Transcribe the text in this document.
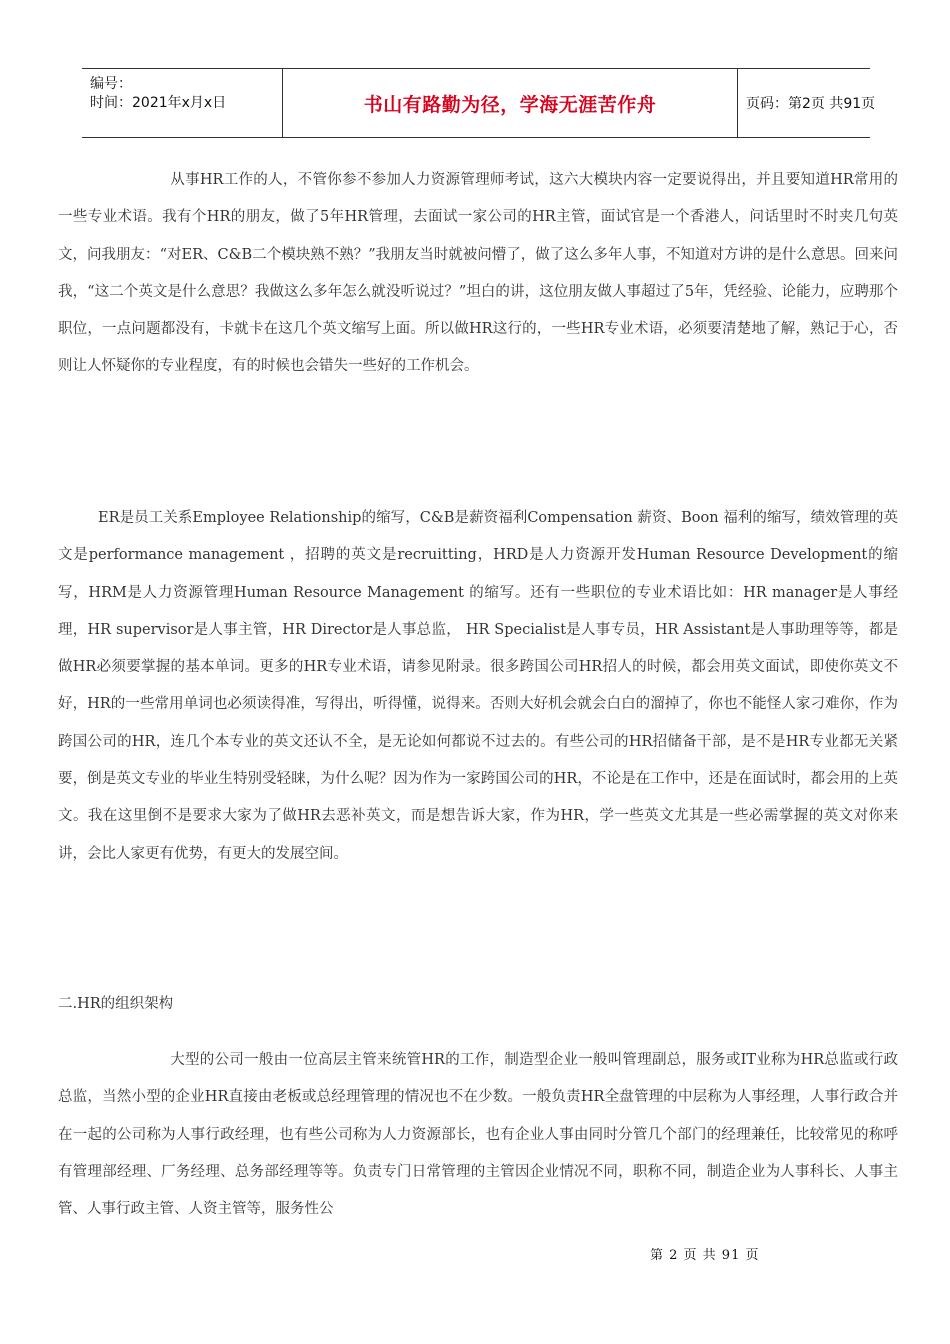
编号：
时间：2021年x月x日	书山有路勤为径，学海无涯苦作舟	页码：第2页 共91页
从事HR工作的人，不管你参不参加人力资源管理师考试，这六大模块内容一定要说得出，并且要知道HR常用的一些专业术语。我有个HR的朋友，做了5年HR管理，去面试一家公司的HR主管，面试官是一个香港人，问话里时不时夹几句英文，问我朋友：“对ER、C&B二个模块熟不熟？”我朋友当时就被问懵了，做了这么多年人事，不知道对方讲的是什么意思。回来问我，“这二个英文是什么意思？我做这么多年怎么就没听说过？”坦白的讲，这位朋友做人事超过了5年，凭经验、论能力，应聘那个职位，一点问题都没有，卡就卡在这几个英文缩写上面。所以做HR这行的，一些HR专业术语，必须要清楚地了解，熟记于心，否则让人怀疑你的专业程度，有的时候也会错失一些好的工作机会。
ER是员工关系Employee Relationship的缩写，C&B是薪资福利Compensation 薪资、Boon 福利的缩写，绩效管理的英文是performance management ，招聘的英文是recruitting，HRD是人力资源开发Human Resource Development的缩写，HRM是人力资源管理Human Resource Management 的缩写。还有一些职位的专业术语比如：HR manager是人事经理，HR supervisor是人事主管，HR Director是人事总监， HR Specialist是人事专员，HR Assistant是人事助理等等，都是做HR必须要掌握的基本单词。更多的HR专业术语，请参见附录。很多跨国公司HR招人的时候，都会用英文面试，即使你英文不好，HR的一些常用单词也必须读得准，写得出，听得懂，说得来。否则大好机会就会白白的溜掉了，你也不能怪人家刁难你，作为跨国公司的HR，连几个本专业的英文还认不全，是无论如何都说不过去的。有些公司的HR招储备干部，是不是HR专业都无关紧要，倒是英文专业的毕业生特别受轻睐，为什么呢？因为作为一家跨国公司的HR，不论是在工作中，还是在面试时，都会用的上英文。我在这里倒不是要求大家为了做HR去恶补英文，而是想告诉大家，作为HR，学一些英文尤其是一些必需掌握的英文对你来讲，会比人家更有优势，有更大的发展空间。
二.HR的组织架构
大型的公司一般由一位高层主管来统管HR的工作，制造型企业一般叫管理副总，服务或IT业称为HR总监或行政总监，当然小型的企业HR直接由老板或总经理管理的情况也不在少数。一般负责HR全盘管理的中层称为人事经理，人事行政合并在一起的公司称为人事行政经理，也有些公司称为人力资源部长，也有企业人事由同时分管几个部门的经理兼任，比较常见的称呼有管理部经理、厂务经理、总务部经理等等。负责专门日常管理的主管因企业情况不同，职称不同，制造企业为人事科长、人事主管、人事行政主管、人资主管等，服务性公
第 2 页 共 91 页
